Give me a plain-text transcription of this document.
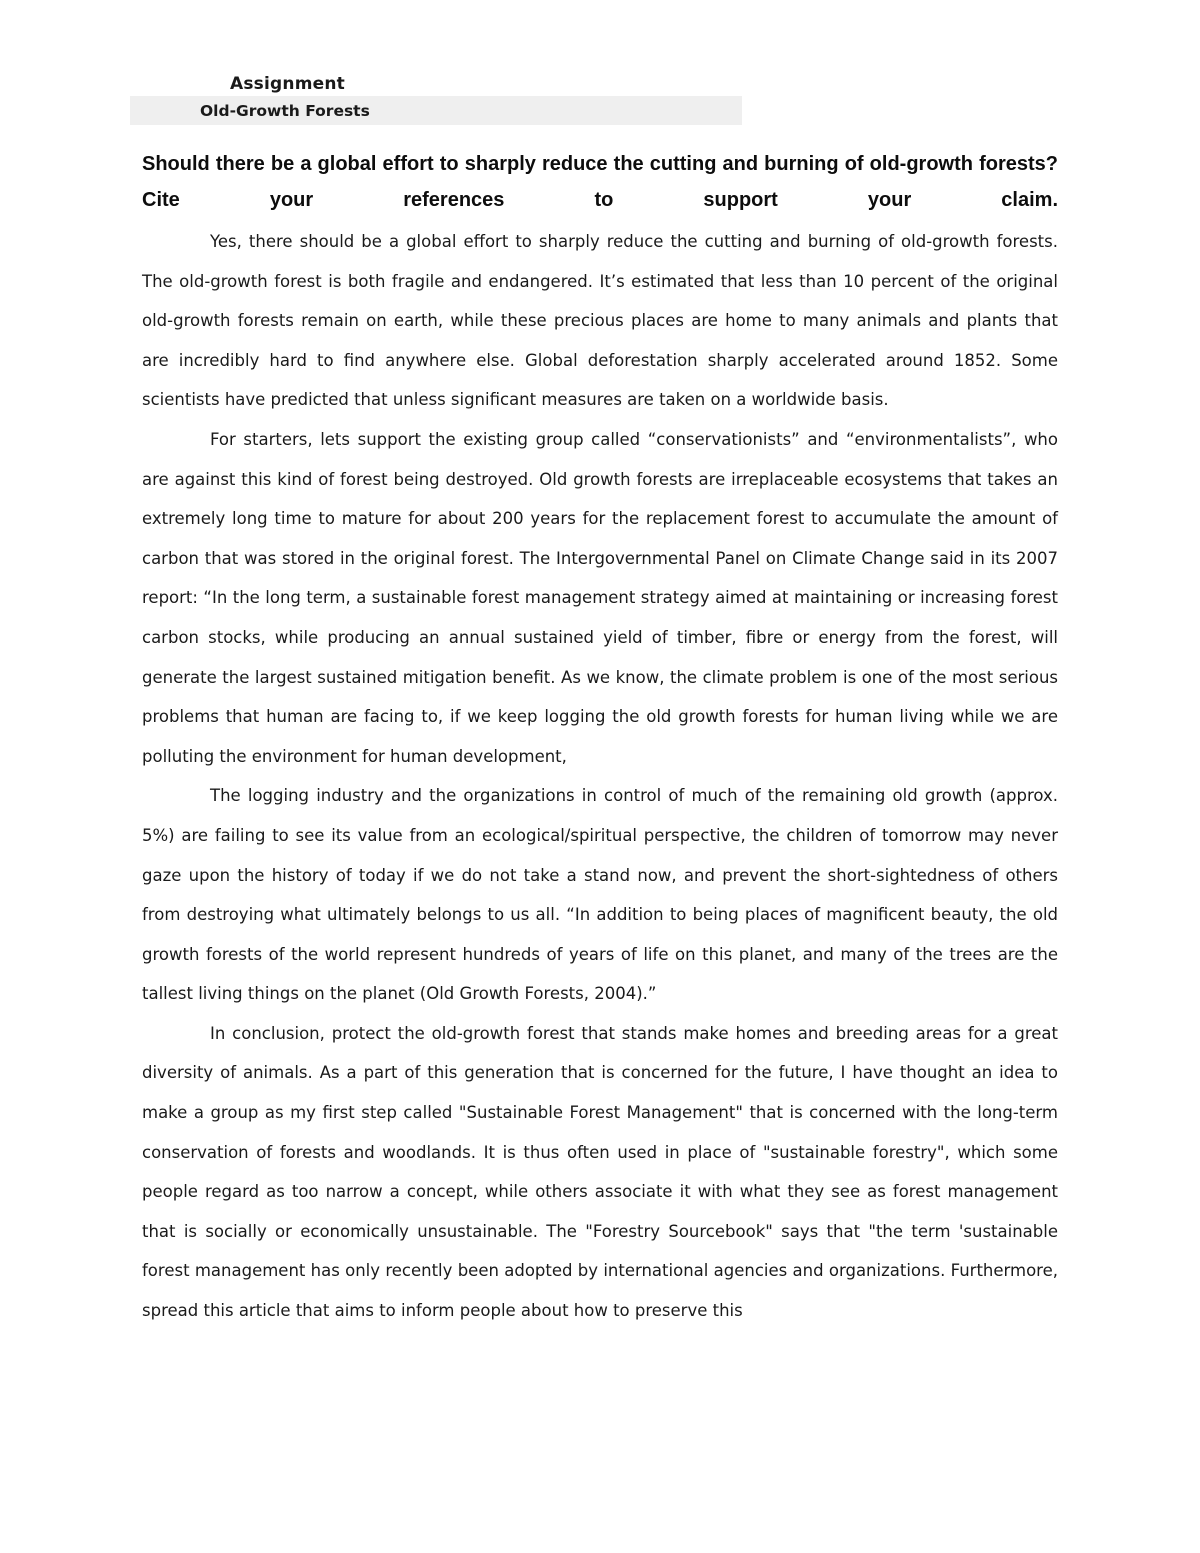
Assignment
Old-Growth Forests

Should there be a global effort to sharply reduce the cutting and burning of old-growth forests? Cite your references to support your claim.

Yes, there should be a global effort to sharply reduce the cutting and burning of old-growth forests. The old-growth forest is both fragile and endangered. It’s estimated that less than 10 percent of the original old-growth forests remain on earth, while these precious places are home to many animals and plants that are incredibly hard to find anywhere else. Global deforestation sharply accelerated around 1852. Some scientists have predicted that unless significant measures are taken on a worldwide basis.

For starters, lets support the existing group called “conservationists” and “environmentalists”, who are against this kind of forest being destroyed. Old growth forests are irreplaceable ecosystems that takes an extremely long time to mature for about 200 years for the replacement forest to accumulate the amount of carbon that was stored in the original forest. The Intergovernmental Panel on Climate Change said in its 2007 report: “In the long term, a sustainable forest management strategy aimed at maintaining or increasing forest carbon stocks, while producing an annual sustained yield of timber, fibre or energy from the forest, will generate the largest sustained mitigation benefit. As we know, the climate problem is one of the most serious problems that human are facing to, if we keep logging the old growth forests for human living while we are polluting the environment for human development,

The logging industry and the organizations in control of much of the remaining old growth (approx. 5%) are failing to see its value from an ecological/spiritual perspective, the children of tomorrow may never gaze upon the history of today if we do not take a stand now, and prevent the short-sightedness of others from destroying what ultimately belongs to us all. “In addition to being places of magnificent beauty, the old growth forests of the world represent hundreds of years of life on this planet, and many of the trees are the tallest living things on the planet (Old Growth Forests, 2004).”

In conclusion, protect the old-growth forest that stands make homes and breeding areas for a great diversity of animals. As a part of this generation that is concerned for the future, I have thought an idea to make a group as my first step called "Sustainable Forest Management" that is concerned with the long-term conservation of forests and woodlands. It is thus often used in place of "sustainable forestry", which some people regard as too narrow a concept, while others associate it with what they see as forest management that is socially or economically unsustainable. The "Forestry Sourcebook" says that "the term 'sustainable forest management has only recently been adopted by international agencies and organizations. Furthermore, spread this article that aims to inform people about how to preserve this
